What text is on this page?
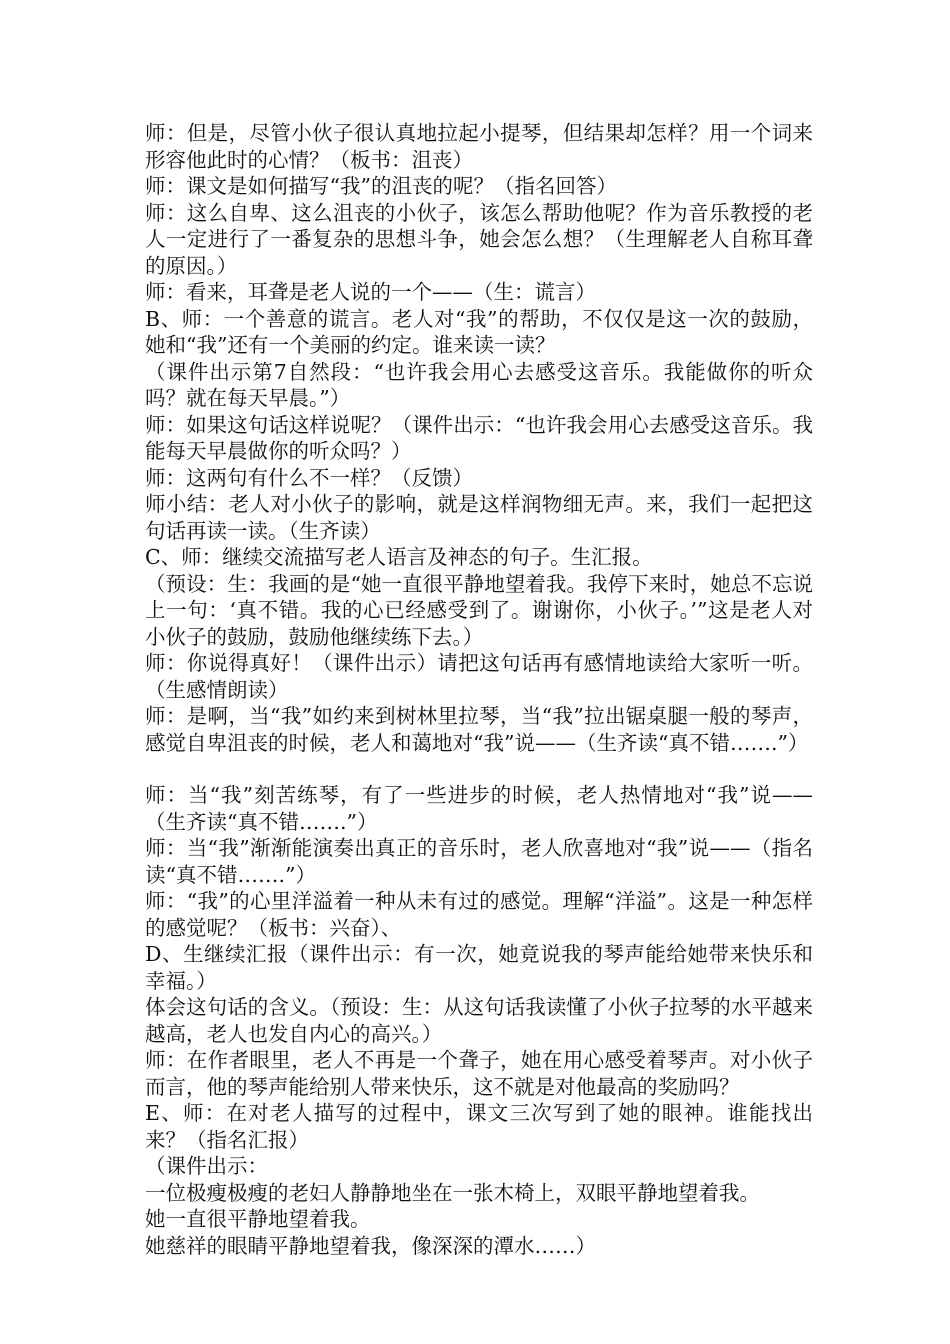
师：但是，尽管小伙子很认真地拉起小提琴，但结果却怎样？用一个词来形容他此时的心情？（板书：沮丧）

师：课文是如何描写“我”的沮丧的呢？（指名回答）

师：这么自卑、这么沮丧的小伙子，该怎么帮助他呢？作为音乐教授的老人一定进行了一番复杂的思想斗争，她会怎么想？（生理解老人自称耳聋的原因。）

师：看来，耳聋是老人说的一个——（生：谎言）

B、师：一个善意的谎言。老人对“我”的帮助，不仅仅是这一次的鼓励，她和“我”还有一个美丽的约定。谁来读一读？

（课件出示第7自然段：“也许我会用心去感受这音乐。我能做你的听众吗？就在每天早晨。”）

师：如果这句话这样说呢？（课件出示：“也许我会用心去感受这音乐。我能每天早晨做你的听众吗？）

师：这两句有什么不一样？（反馈）

师小结：老人对小伙子的影响，就是这样润物细无声。来，我们一起把这句话再读一读。（生齐读）

C、师：继续交流描写老人语言及神态的句子。生汇报。

（预设：生：我画的是“她一直很平静地望着我。我停下来时，她总不忘说上一句：‘真不错。我的心已经感受到了。谢谢你，小伙子。’”这是老人对小伙子的鼓励，鼓励他继续练下去。）

师：你说得真好！（课件出示）请把这句话再有感情地读给大家听一听。（生感情朗读）

师：是啊，当“我”如约来到树林里拉琴，当“我”拉出锯桌腿一般的琴声，感觉自卑沮丧的时候，老人和蔼地对“我”说——（生齐读“真不错…….”）

师：当“我”刻苦练琴，有了一些进步的时候，老人热情地对“我”说——（生齐读“真不错…….”）

师：当“我”渐渐能演奏出真正的音乐时，老人欣喜地对“我”说——（指名读“真不错…….”）

师：“我”的心里洋溢着一种从未有过的感觉。理解“洋溢”。这是一种怎样的感觉呢？（板书：兴奋）、

D、生继续汇报（课件出示：有一次，她竟说我的琴声能给她带来快乐和幸福。）

体会这句话的含义。（预设：生：从这句话我读懂了小伙子拉琴的水平越来越高，老人也发自内心的高兴。）

师：在作者眼里，老人不再是一个聋子，她在用心感受着琴声。对小伙子而言，他的琴声能给别人带来快乐，这不就是对他最高的奖励吗？

E、师：在对老人描写的过程中，课文三次写到了她的眼神。谁能找出来？（指名汇报）

（课件出示：

一位极瘦极瘦的老妇人静静地坐在一张木椅上，双眼平静地望着我。

她一直很平静地望着我。

她慈祥的眼睛平静地望着我，像深深的潭水……）
